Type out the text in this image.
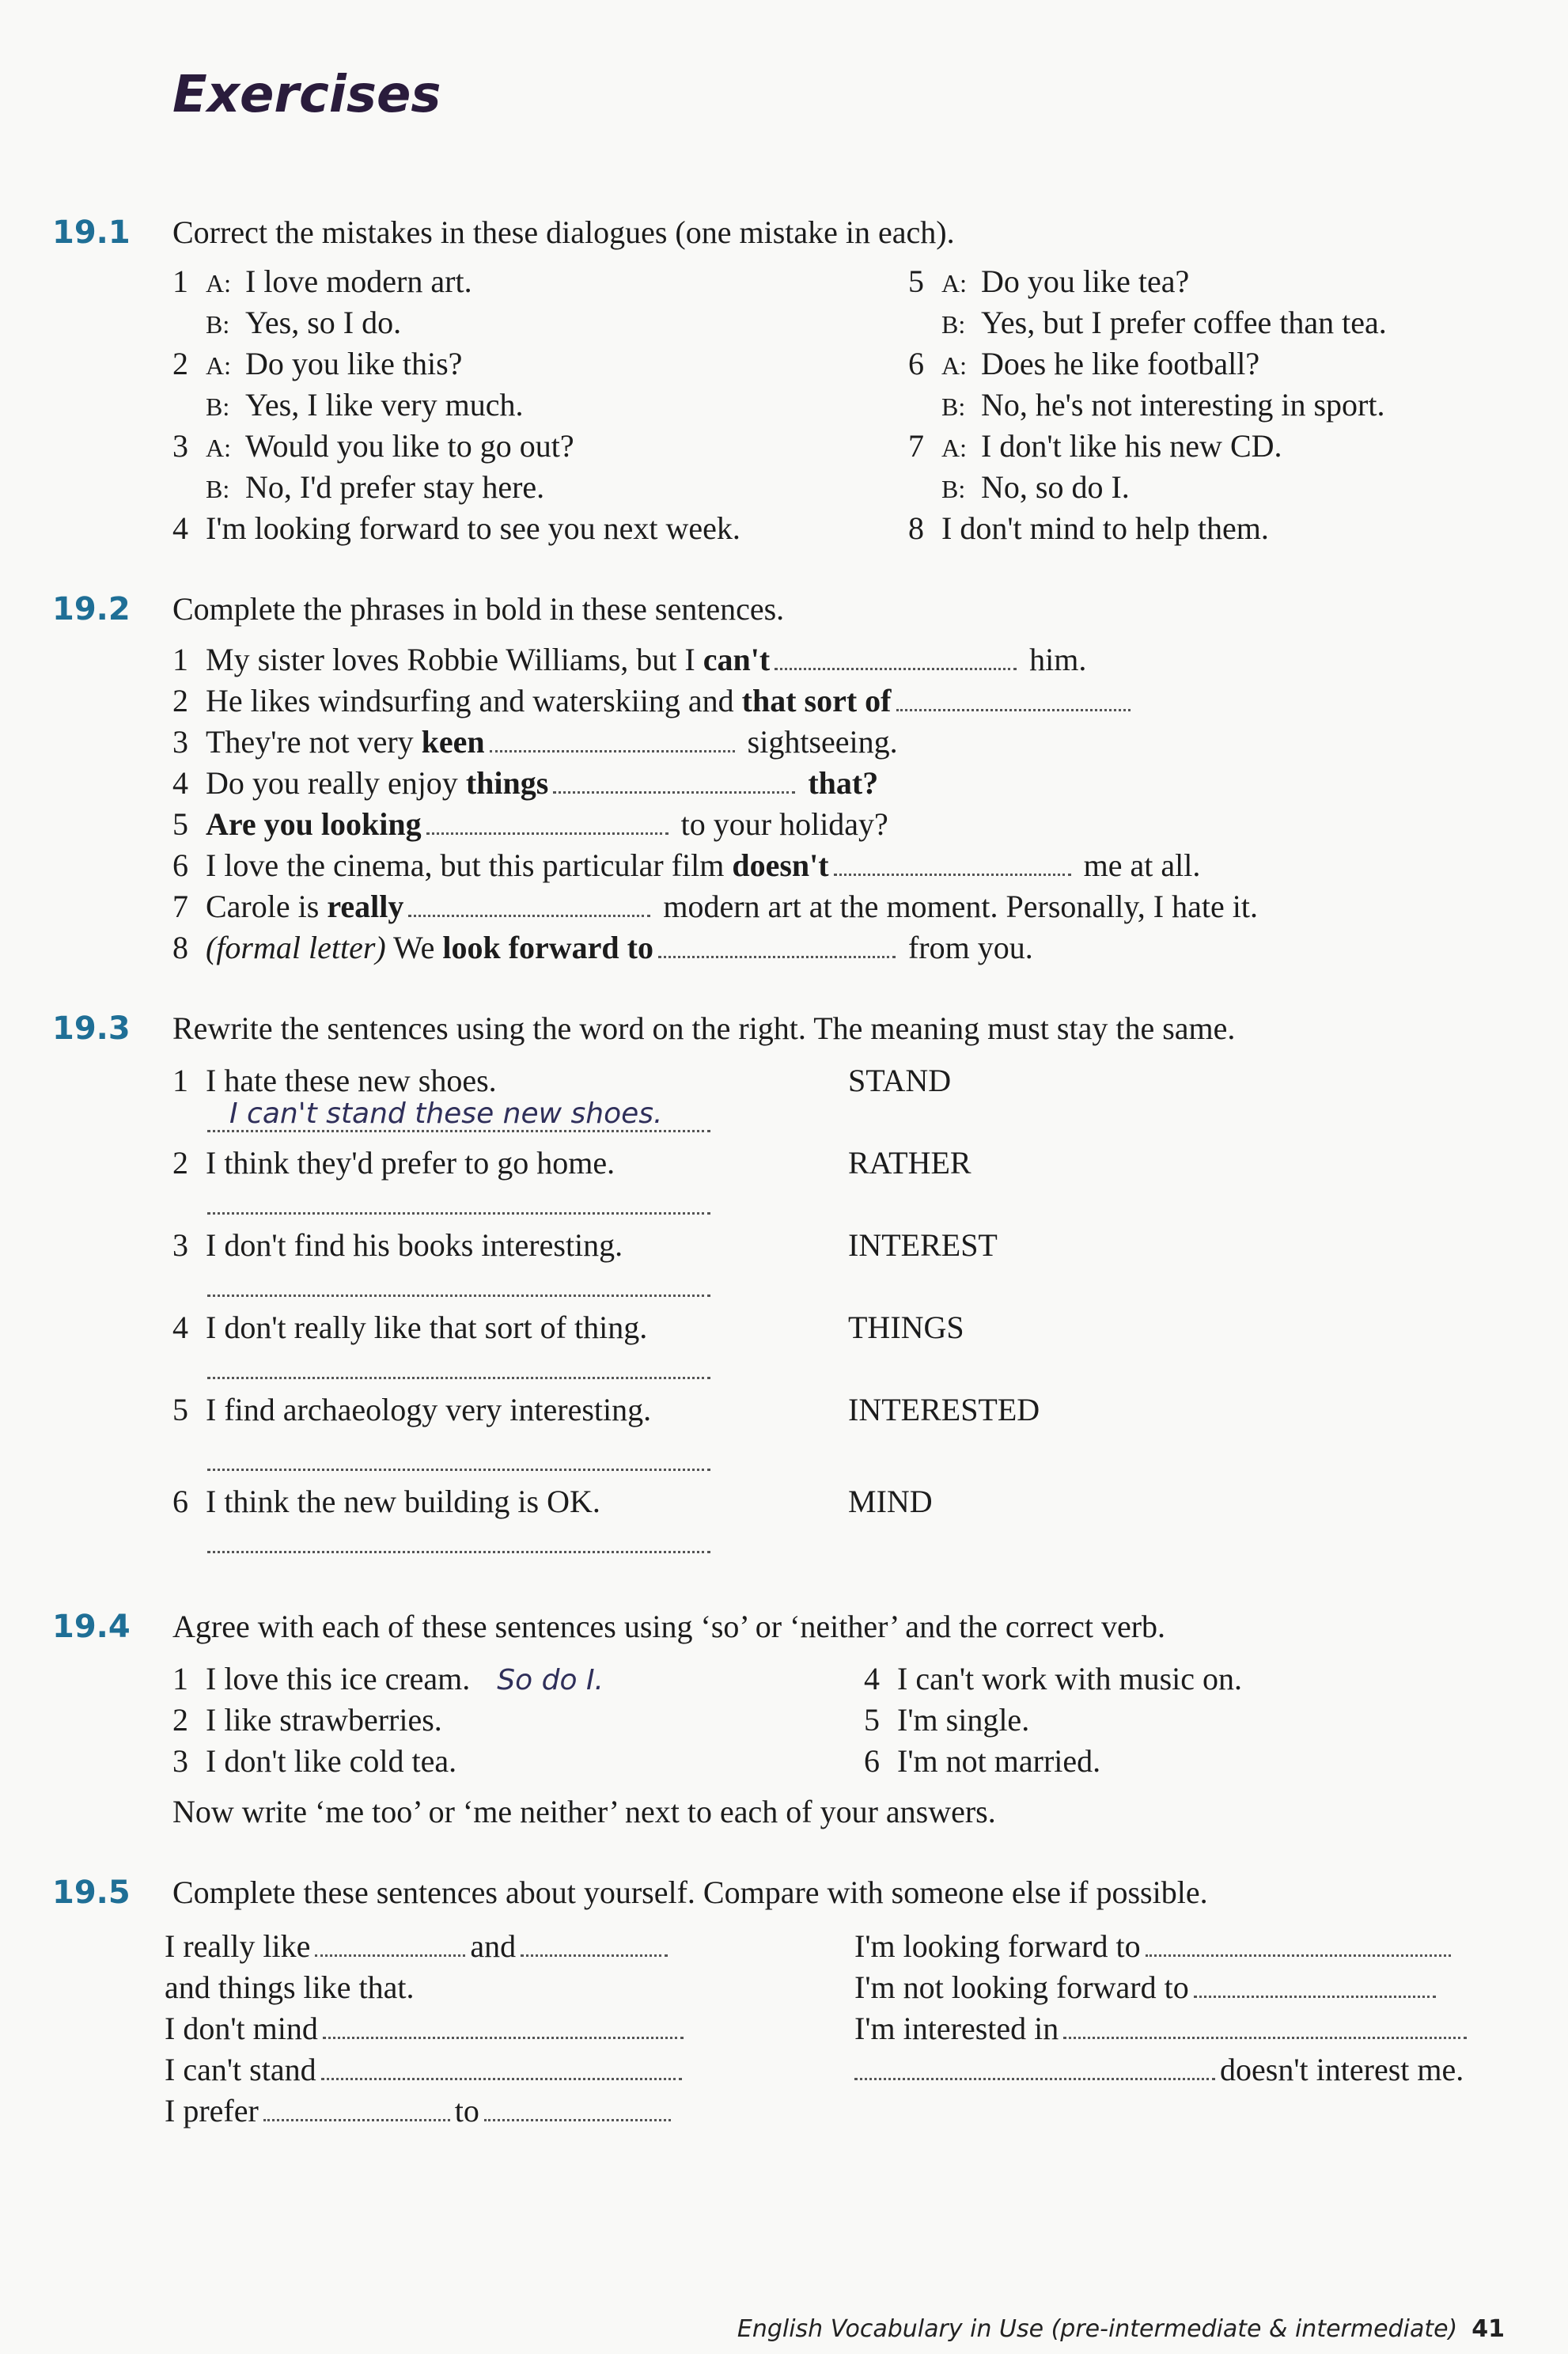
Exercises
19.1 Correct the mistakes in these dialogues (one mistake in each).
1 A: I love modern art.
B: Yes, so I do.
2 A: Do you like this?
B: Yes, I like very much.
3 A: Would you like to go out?
B: No, I'd prefer stay here.
4 I'm looking forward to see you next week.
5 A: Do you like tea?
B: Yes, but I prefer coffee than tea.
6 A: Does he like football?
B: No, he's not interesting in sport.
7 A: I don't like his new CD.
B: No, so do I.
8 I don't mind to help them.
19.2 Complete the phrases in bold in these sentences.
1 My sister loves Robbie Williams, but I can't	him.
2 He likes windsurfing and waterskiing and that sort of
3 They're not very keen	sightseeing.
4 Do you really enjoy things	that?
5 Are you looking	to your holiday?
6 I love the cinema, but this particular film doesn't	me at all.
7 Carole is really	modern art at the moment. Personally, I hate it.
8 (formal letter) We look forward to	from you.
19.3 Rewrite the sentences using the word on the right. The meaning must stay the same.
1 I hate these new shoes.	STAND
I can't stand these new shoes.
2 I think they'd prefer to go home.	RATHER
3 I don't find his books interesting.	INTEREST
4 I don't really like that sort of thing.	THINGS
5 I find archaeology very interesting.	INTERESTED
6 I think the new building is OK.	MIND
19.4 Agree with each of these sentences using ‘so’ or ‘neither’ and the correct verb.
1 I love this ice cream. So do I.
2 I like strawberries.
3 I don't like cold tea.
4 I can't work with music on.
5 I'm single.
6 I'm not married.
Now write ‘me too’ or ‘me neither’ next to each of your answers.
19.5 Complete these sentences about yourself. Compare with someone else if possible.
I really like	and
and things like that.
I don't mind
I can't stand
I prefer	to
I'm looking forward to
I'm not looking forward to
I'm interested in
doesn't interest me.
English Vocabulary in Use (pre-intermediate & intermediate) 41
